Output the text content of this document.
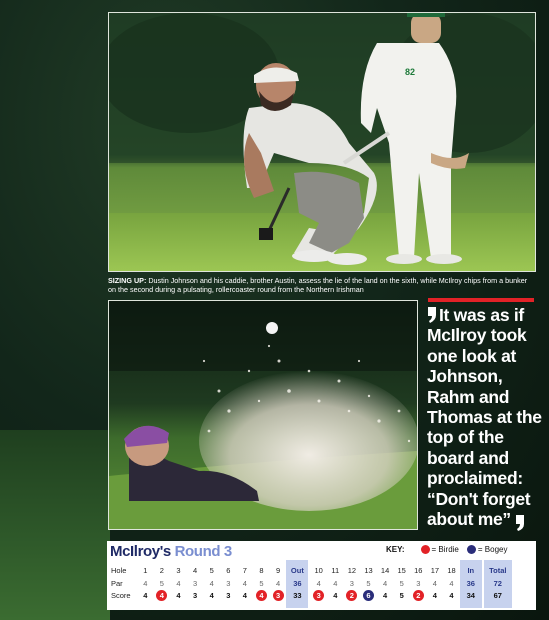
82
SIZING UP: Dustin Johnson and his caddie, brother Austin, assess the lie of the land on the sixth, while McIlroy chips from a bunker on the second during a pulsating, rollercoaster round from the Northern Irishman
It was as if McIlroy took one look at Johnson, Rahm and Thomas at the top of the board and proclaimed: “Don't forget about me”
McIlroy's Round 3	KEY:	= Birdie = Bogey
Hole
Par
Score
1
4
4
2
5
4
3
4
4
4
3
3
5
4
4
6
3
3
7
4
4
8
5
4
9
4
3
Out
36
33
10
4
3
11
4
4
12
3
2
13
5
6
14
4
4
15
5
5
16
3
2
17
4
4
18
4
4
In
36
34
Total
72
67
